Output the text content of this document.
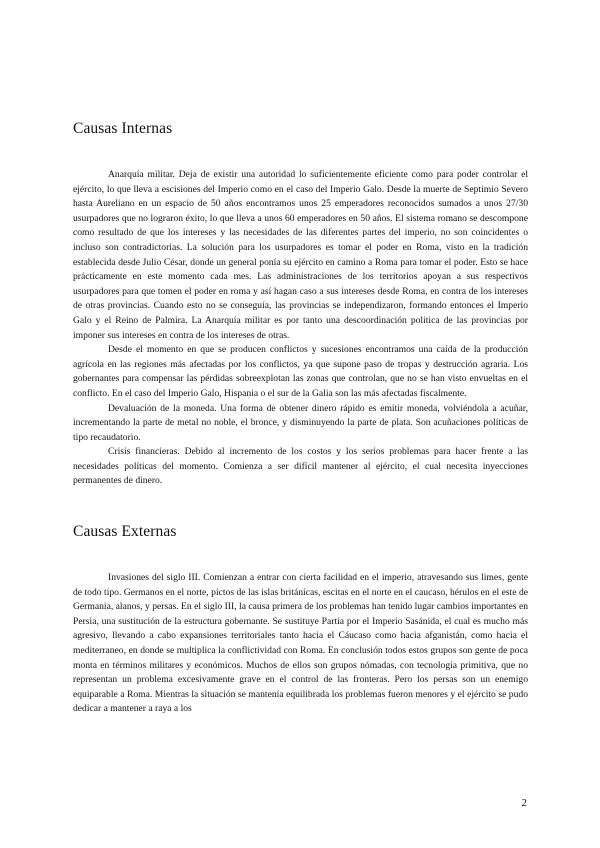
Causas Internas

Anarquía militar. Deja de existir una autoridad lo suficientemente eficiente como para poder controlar el ejército, lo que lleva a escisiones del Imperio como en el caso del Imperio Galo. Desde la muerte de Septimio Severo hasta Aureliano en un espacio de 50 años encontramos unos 25 emperadores reconocidos sumados a unos 27/30 usurpadores que no lograron éxito, lo que lleva a unos 60 emperadores en 50 años. El sistema romano se descompone como resultado de que los intereses y las necesidades de las diferentes partes del imperio, no son coincidentes o incluso son contradictorias. La solución para los usurpadores es tomar el poder en Roma, visto en la tradición establecida desde Julio César, donde un general ponía su ejército en camino a Roma para tomar el poder. Esto se hace prácticamente en este momento cada mes. Las administraciones de los territorios apoyan a sus respectivos usurpadores para que tomen el poder en roma y así hagan caso a sus intereses desde Roma, en contra de los intereses de otras provincias. Cuando esto no se conseguía, las provincias se independizaron, formando entonces el Imperio Galo y el Reino de Palmira. La Anarquía militar es por tanto una descoordinación política de las provincias por imponer sus intereses en contra de los intereses de otras.

Desde el momento en que se producen conflictos y sucesiones encontramos una caída de la producción agrícola en las regiones más afectadas por los conflictos, ya que supone paso de tropas y destrucción agraria. Los gobernantes para compensar las pérdidas sobreexplotan las zonas que controlan, que no se han visto envueltas en el conflicto. En el caso del Imperio Galo, Hispania o el sur de la Galia son las más afectadas fiscalmente.

Devaluación de la moneda. Una forma de obtener dinero rápido es emitir moneda, volviéndola a acuñar, incrementando la parte de metal no noble, el bronce, y disminuyendo la parte de plata. Son acuñaciones políticas de tipo recaudatorio.

Crisis financieras. Debido al incremento de los costos y los serios problemas para hacer frente a las necesidades políticas del momento. Comienza a ser difícil mantener al ejército, el cual necesita inyecciones permanentes de dinero.

Causas Externas

Invasiones del siglo III. Comienzan a entrar con cierta facilidad en el imperio, atravesando sus limes, gente de todo tipo. Germanos en el norte, pictos de las islas británicas, escitas en el norte en el caucaso, hérulos en el este de Germania, alanos, y persas. En el siglo III, la causa primera de los problemas han tenido lugar cambios importantes en Persia, una sustitución de la estructura gobernante. Se sustituye Partia por el Imperio Sasánida, el cual es mucho más agresivo, llevando a cabo expansiones territoriales tanto hacia el Cáucaso como hacia afganistán, como hacia el mediterraneo, en donde se multiplica la conflictividad con Roma. En conclusión todos estos grupos son gente de poca monta en términos militares y económicos. Muchos de ellos son grupos nómadas, con tecnología primitiva, que no representan un problema excesivamente grave en el control de las fronteras. Pero los persas son un enemigo equiparable a Roma. Mientras la situación se mantenía equilibrada los problemas fueron menores y el ejército se pudo dedicar a mantener a raya a los

2
